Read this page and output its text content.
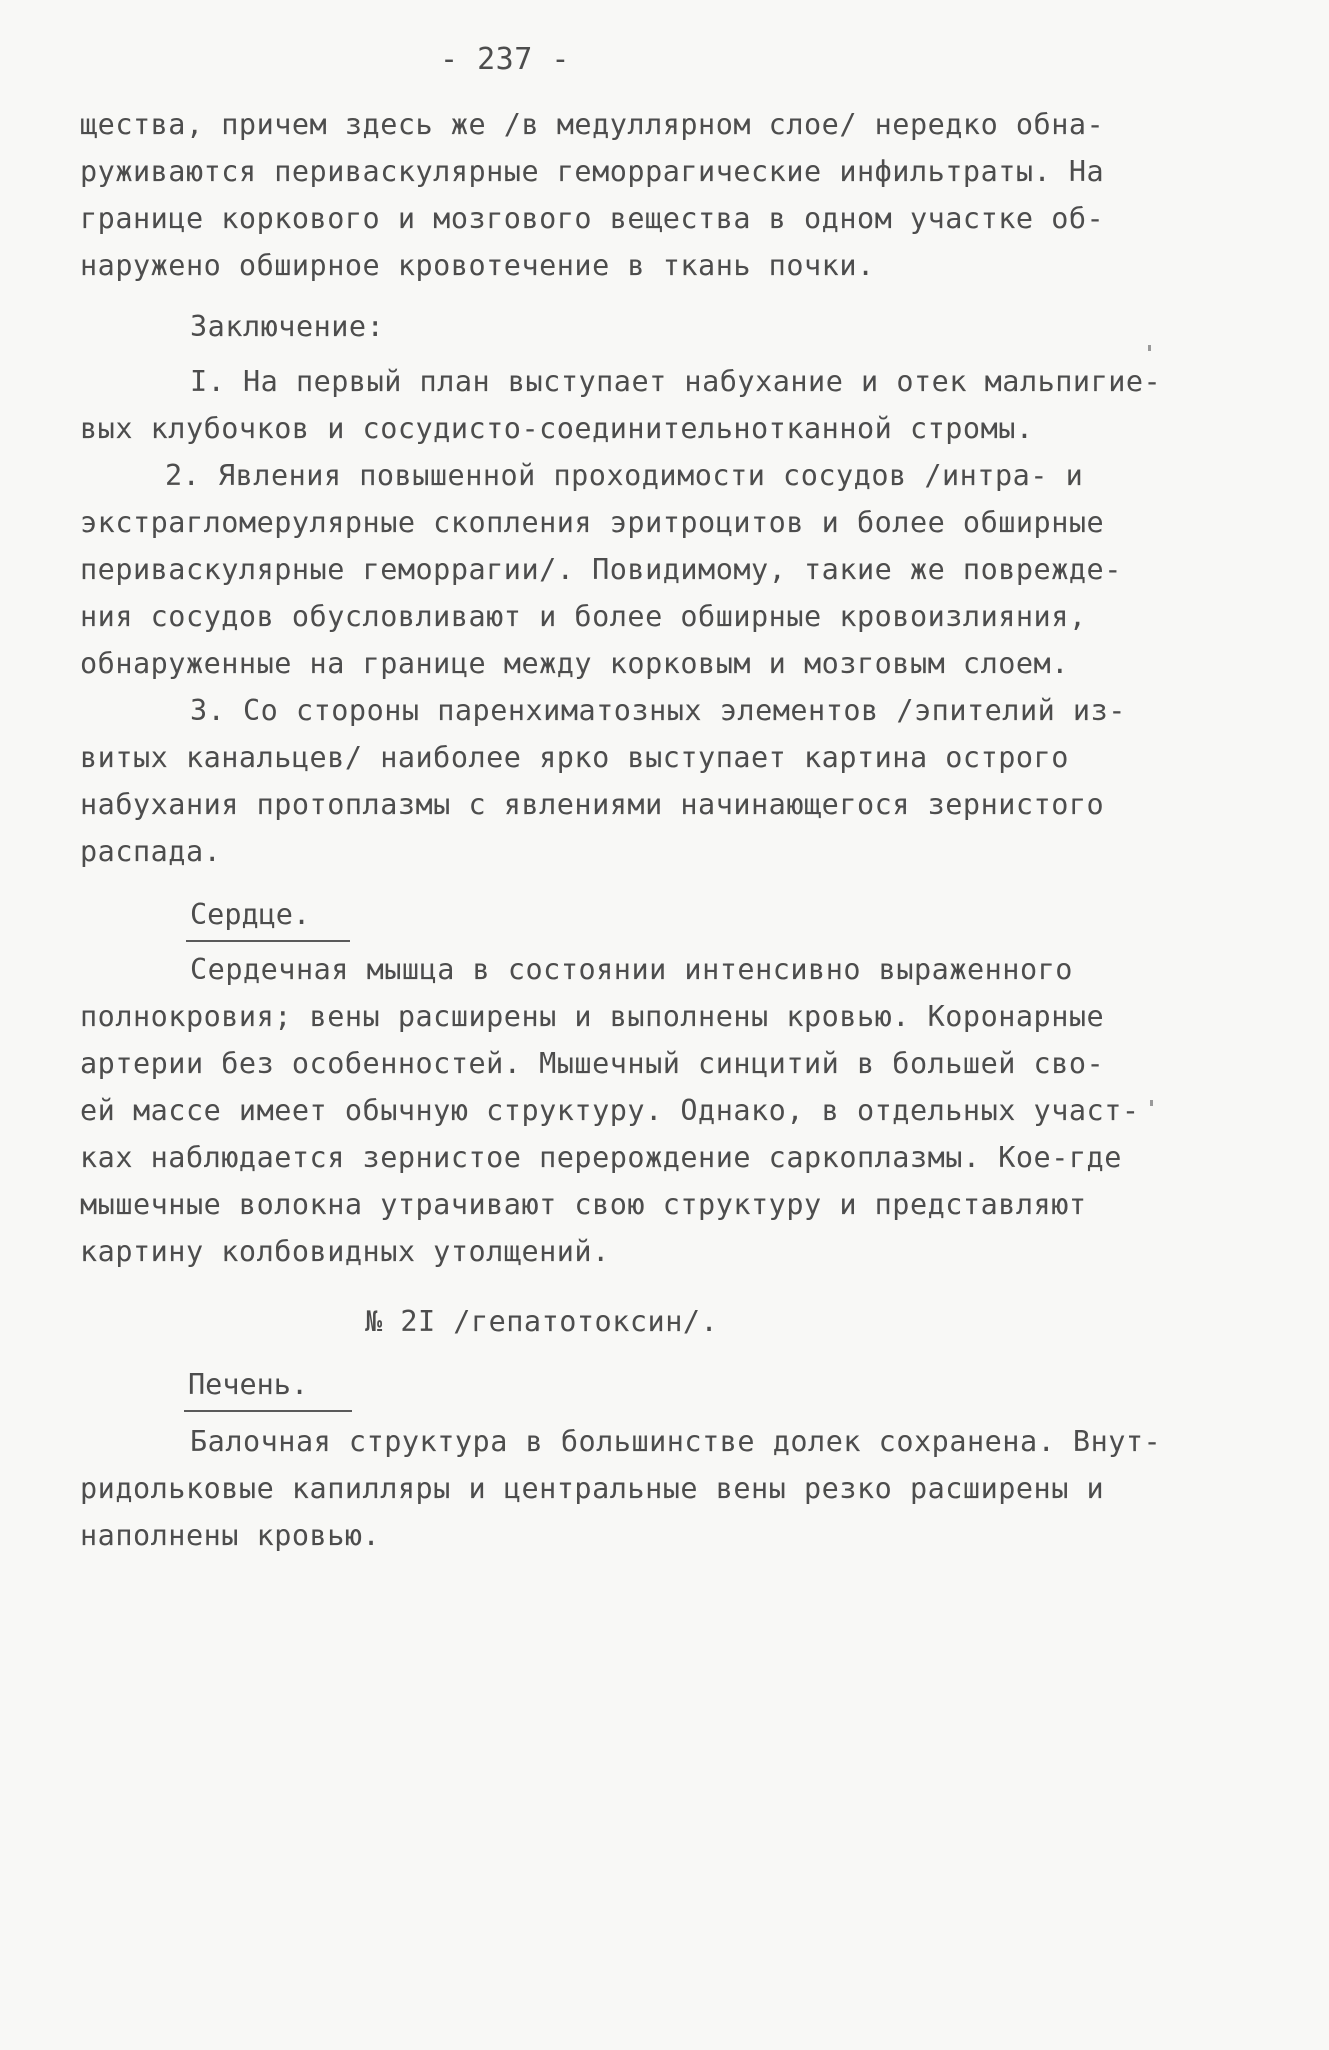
- 237 -
щества, причем здесь же /в медуллярном слое/ нередко обна-
руживаются периваскулярные геморрагические инфильтраты. На
границе коркового и мозгового вещества в одном участке об-
наружено обширное кровотечение в ткань почки.
Заключение:
I. На первый план выступает набухание и отек мальпигие-
вых клубочков и сосудисто-соединительнотканной стромы.
2. Явления повышенной проходимости сосудов /интра- и
экстрагломерулярные скопления эритроцитов и более обширные
периваскулярные геморрагии/. Повидимому, такие же поврежде-
ния сосудов обусловливают и более обширные кровоизлияния,
обнаруженные на границе между корковым и мозговым слоем.
3. Со стороны паренхиматозных элементов /эпителий из-
витых канальцев/ наиболее ярко выступает картина острого
набухания протоплазмы с явлениями начинающегося зернистого
распада.
Сердце.
Сердечная мышца в состоянии интенсивно выраженного
полнокровия; вены расширены и выполнены кровью. Коронарные
артерии без особенностей. Мышечный синцитий в большей сво-
ей массе имеет обычную структуру. Однако, в отдельных участ-
ках наблюдается зернистое перерождение саркоплазмы. Кое-где
мышечные волокна утрачивают свою структуру и представляют
картину колбовидных утолщений.
№ 2I /гепатотоксин/.
Печень.
Балочная структура в большинстве долек сохранена. Внут-
ридольковые капилляры и центральные вены резко расширены и
наполнены кровью.
